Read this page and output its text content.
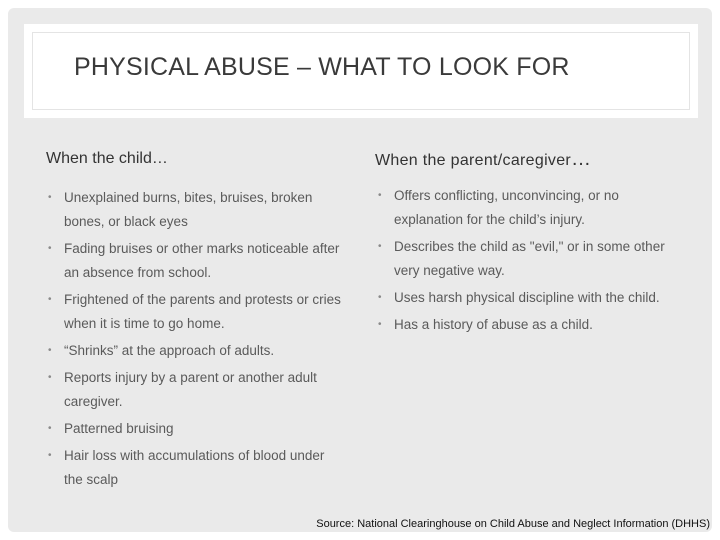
PHYSICAL ABUSE – WHAT TO LOOK FOR
When the child…	When the parent/caregiver…
• Unexplained burns, bites, bruises, broken bones, or black eyes
• Fading bruises or other marks noticeable after an absence from school.
• Frightened of the parents and protests or cries when it is time to go home.
• “Shrinks” at the approach of adults.
• Reports injury by a parent or another adult caregiver.
• Patterned bruising
• Hair loss with accumulations of blood under the scalp
• Offers conflicting, unconvincing, or no explanation for the child’s injury.
• Describes the child as "evil," or in some other very negative way.
• Uses harsh physical discipline with the child.
• Has a history of abuse as a child.
Source: National Clearinghouse on Child Abuse and Neglect Information (DHHS)
